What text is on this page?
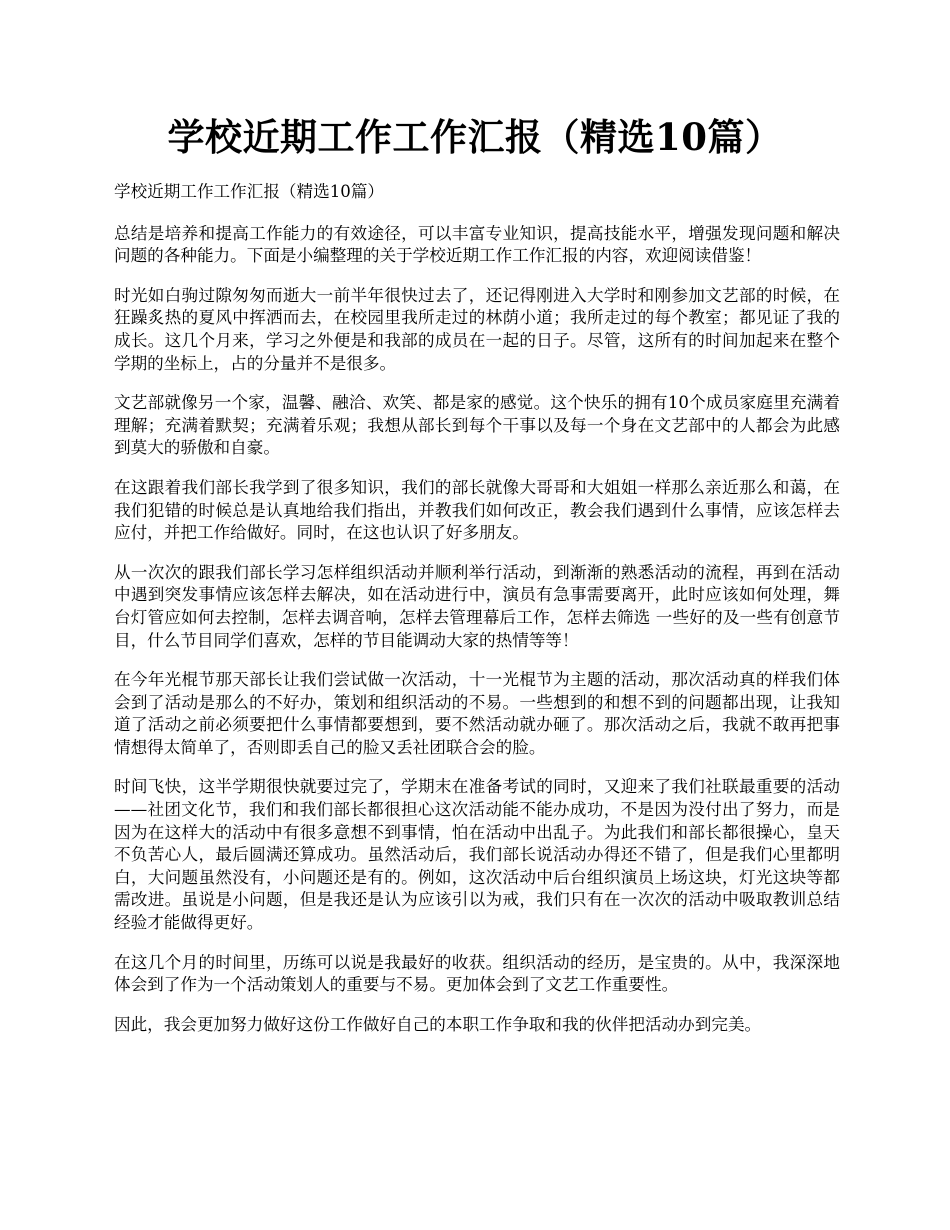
学校近期工作工作汇报（精选10篇）

学校近期工作工作汇报（精选10篇）

总结是培养和提高工作能力的有效途径，可以丰富专业知识，提高技能水平，增强发现问题和解决问题的各种能力。下面是小编整理的关于学校近期工作工作汇报的内容，欢迎阅读借鉴！

时光如白驹过隙匆匆而逝大一前半年很快过去了，还记得刚进入大学时和刚参加文艺部的时候，在狂躁炙热的夏风中挥洒而去，在校园里我所走过的林荫小道；我所走过的每个教室；都见证了我的成长。这几个月来，学习之外便是和我部的成员在一起的日子。尽管，这所有的时间加起来在整个学期的坐标上，占的分量并不是很多。

文艺部就像另一个家，温馨、融洽、欢笑、都是家的感觉。这个快乐的拥有10个成员家庭里充满着理解；充满着默契；充满着乐观；我想从部长到每个干事以及每一个身在文艺部中的人都会为此感到莫大的骄傲和自豪。

在这跟着我们部长我学到了很多知识，我们的部长就像大哥哥和大姐姐一样那么亲近那么和蔼，在我们犯错的时候总是认真地给我们指出，并教我们如何改正，教会我们遇到什么事情，应该怎样去应付，并把工作给做好。同时，在这也认识了好多朋友。

从一次次的跟我们部长学习怎样组织活动并顺利举行活动，到渐渐的熟悉活动的流程，再到在活动中遇到突发事情应该怎样去解决，如在活动进行中，演员有急事需要离开，此时应该如何处理，舞台灯管应如何去控制，怎样去调音响，怎样去管理幕后工作，怎样去筛选 一些好的及一些有创意节目，什么节目同学们喜欢，怎样的节目能调动大家的热情等等！

在今年光棍节那天部长让我们尝试做一次活动，十一光棍节为主题的活动，那次活动真的样我们体会到了活动是那么的不好办，策划和组织活动的不易。一些想到的和想不到的问题都出现，让我知道了活动之前必须要把什么事情都要想到，要不然活动就办砸了。那次活动之后，我就不敢再把事情想得太简单了，否则即丢自己的脸又丢社团联合会的脸。

时间飞快，这半学期很快就要过完了，学期末在准备考试的同时，又迎来了我们社联最重要的活动——社团文化节，我们和我们部长都很担心这次活动能不能办成功，不是因为没付出了努力，而是因为在这样大的活动中有很多意想不到事情，怕在活动中出乱子。为此我们和部长都很操心，皇天不负苦心人，最后圆满还算成功。虽然活动后，我们部长说活动办得还不错了，但是我们心里都明白，大问题虽然没有，小问题还是有的。例如，这次活动中后台组织演员上场这块，灯光这块等都需改进。虽说是小问题，但是我还是认为应该引以为戒，我们只有在一次次的活动中吸取教训总结经验才能做得更好。

在这几个月的时间里，历练可以说是我最好的收获。组织活动的经历，是宝贵的。从中，我深深地体会到了作为一个活动策划人的重要与不易。更加体会到了文艺工作重要性。

因此，我会更加努力做好这份工作做好自己的本职工作争取和我的伙伴把活动办到完美。
